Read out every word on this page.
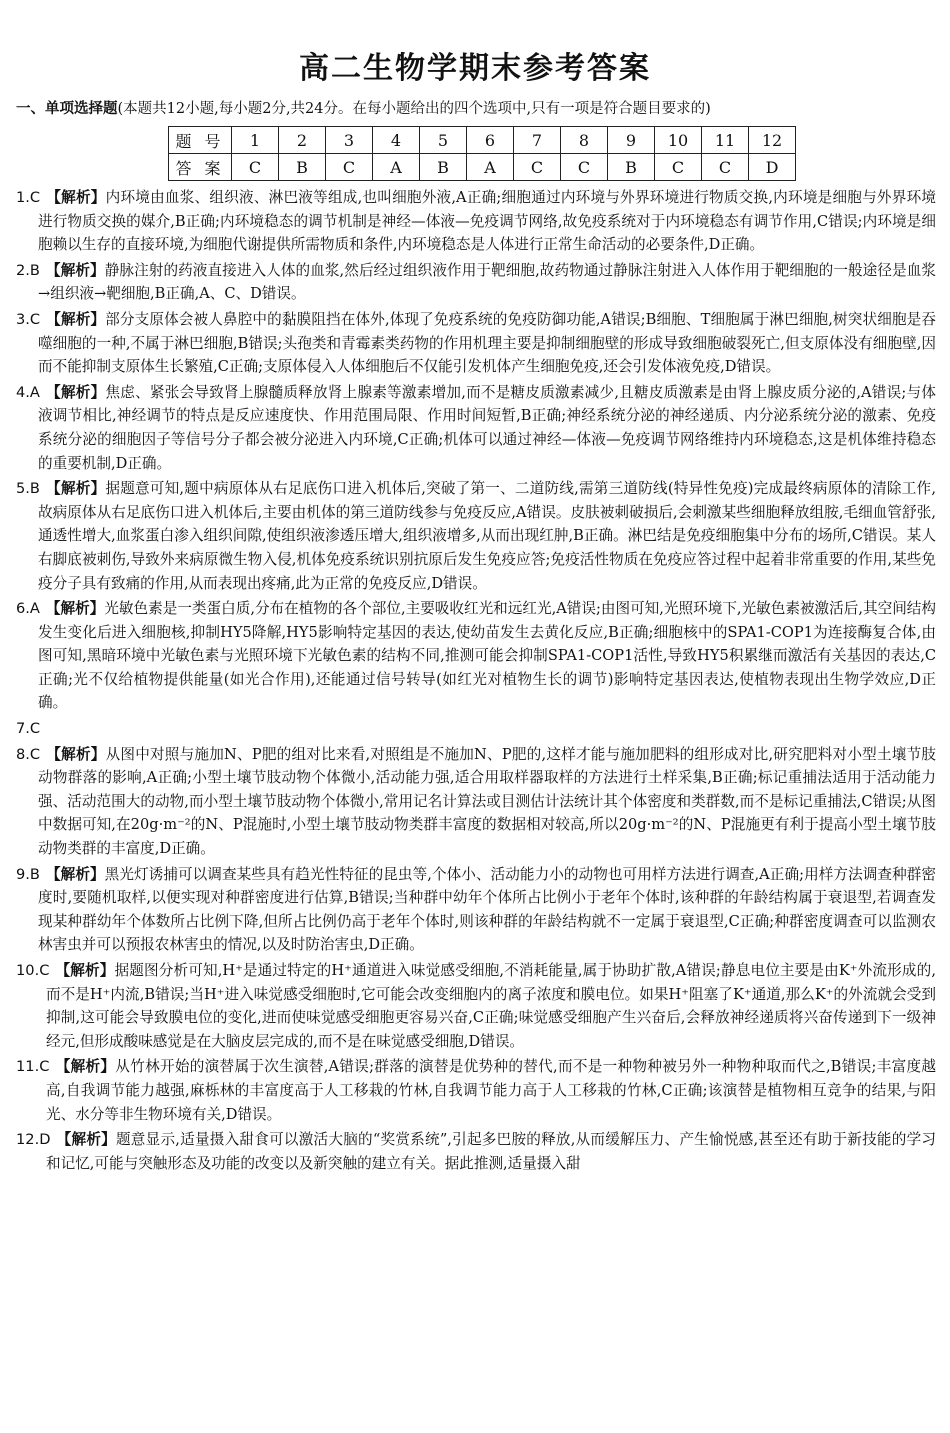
高二生物学期末参考答案
一、单项选择题(本题共12小题,每小题2分,共24分。在每小题给出的四个选项中,只有一项是符合题目要求的)
题 号	1	2	3	4	5	6	7	8	9	10	11	12
答 案	C	B	C	A	B	A	C	C	B	C	C	D

1.C 【解析】内环境由血浆、组织液、淋巴液等组成,也叫细胞外液,A正确;细胞通过内环境与外界环境进行物质交换,内环境是细胞与外界环境进行物质交换的媒介,B正确;内环境稳态的调节机制是神经—体液—免疫调节网络,故免疫系统对于内环境稳态有调节作用,C错误;内环境是细胞赖以生存的直接环境,为细胞代谢提供所需物质和条件,内环境稳态是人体进行正常生命活动的必要条件,D正确。

2.B 【解析】静脉注射的药液直接进入人体的血浆,然后经过组织液作用于靶细胞,故药物通过静脉注射进入人体作用于靶细胞的一般途径是血浆→组织液→靶细胞,B正确,A、C、D错误。

3.C 【解析】部分支原体会被人鼻腔中的黏膜阻挡在体外,体现了免疫系统的免疫防御功能,A错误;B细胞、T细胞属于淋巴细胞,树突状细胞是吞噬细胞的一种,不属于淋巴细胞,B错误;头孢类和青霉素类药物的作用机理主要是抑制细胞壁的形成导致细胞破裂死亡,但支原体没有细胞壁,因而不能抑制支原体生长繁殖,C正确;支原体侵入人体细胞后不仅能引发机体产生细胞免疫,还会引发体液免疫,D错误。

4.A 【解析】焦虑、紧张会导致肾上腺髓质释放肾上腺素等激素增加,而不是糖皮质激素减少,且糖皮质激素是由肾上腺皮质分泌的,A错误;与体液调节相比,神经调节的特点是反应速度快、作用范围局限、作用时间短暂,B正确;神经系统分泌的神经递质、内分泌系统分泌的激素、免疫系统分泌的细胞因子等信号分子都会被分泌进入内环境,C正确;机体可以通过神经—体液—免疫调节网络维持内环境稳态,这是机体维持稳态的重要机制,D正确。

5.B 【解析】据题意可知,题中病原体从右足底伤口进入机体后,突破了第一、二道防线,需第三道防线(特异性免疫)完成最终病原体的清除工作,故病原体从右足底伤口进入机体后,主要由机体的第三道防线参与免疫反应,A错误。皮肤被刺破损后,会刺激某些细胞释放组胺,毛细血管舒张,通透性增大,血浆蛋白渗入组织间隙,使组织液渗透压增大,组织液增多,从而出现红肿,B正确。淋巴结是免疫细胞集中分布的场所,C错误。某人右脚底被刺伤,导致外来病原微生物入侵,机体免疫系统识别抗原后发生免疫应答;免疫活性物质在免疫应答过程中起着非常重要的作用,某些免疫分子具有致痛的作用,从而表现出疼痛,此为正常的免疫反应,D错误。

6.A 【解析】光敏色素是一类蛋白质,分布在植物的各个部位,主要吸收红光和远红光,A错误;由图可知,光照环境下,光敏色素被激活后,其空间结构发生变化后进入细胞核,抑制HY5降解,HY5影响特定基因的表达,使幼苗发生去黄化反应,B正确;细胞核中的SPA1-COP1为连接酶复合体,由图可知,黑暗环境中光敏色素与光照环境下光敏色素的结构不同,推测可能会抑制SPA1-COP1活性,导致HY5积累继而激活有关基因的表达,C正确;光不仅给植物提供能量(如光合作用),还能通过信号转导(如红光对植物生长的调节)影响特定基因表达,使植物表现出生物学效应,D正确。

7.C

8.C 【解析】从图中对照与施加N、P肥的组对比来看,对照组是不施加N、P肥的,这样才能与施加肥料的组形成对比,研究肥料对小型土壤节肢动物群落的影响,A正确;小型土壤节肢动物个体微小,活动能力强,适合用取样器取样的方法进行土样采集,B正确;标记重捕法适用于活动能力强、活动范围大的动物,而小型土壤节肢动物个体微小,常用记名计算法或目测估计法统计其个体密度和类群数,而不是标记重捕法,C错误;从图中数据可知,在20g·m⁻²的N、P混施时,小型土壤节肢动物类群丰富度的数据相对较高,所以20g·m⁻²的N、P混施更有利于提高小型土壤节肢动物类群的丰富度,D正确。

9.B 【解析】黑光灯诱捕可以调查某些具有趋光性特征的昆虫等,个体小、活动能力小的动物也可用样方法进行调查,A正确;用样方法调查种群密度时,要随机取样,以便实现对种群密度进行估算,B错误;当种群中幼年个体所占比例小于老年个体时,该种群的年龄结构属于衰退型,若调查发现某种群幼年个体数所占比例下降,但所占比例仍高于老年个体时,则该种群的年龄结构就不一定属于衰退型,C正确;种群密度调查可以监测农林害虫并可以预报农林害虫的情况,以及时防治害虫,D正确。

10.C 【解析】据题图分析可知,H⁺是通过特定的H⁺通道进入味觉感受细胞,不消耗能量,属于协助扩散,A错误;静息电位主要是由K⁺外流形成的,而不是H⁺内流,B错误;当H⁺进入味觉感受细胞时,它可能会改变细胞内的离子浓度和膜电位。如果H⁺阻塞了K⁺通道,那么K⁺的外流就会受到抑制,这可能会导致膜电位的变化,进而使味觉感受细胞更容易兴奋,C正确;味觉感受细胞产生兴奋后,会释放神经递质将兴奋传递到下一级神经元,但形成酸味感觉是在大脑皮层完成的,而不是在味觉感受细胞,D错误。

11.C 【解析】从竹林开始的演替属于次生演替,A错误;群落的演替是优势种的替代,而不是一种物种被另外一种物种取而代之,B错误;丰富度越高,自我调节能力越强,麻栎林的丰富度高于人工移栽的竹林,自我调节能力高于人工移栽的竹林,C正确;该演替是植物相互竞争的结果,与阳光、水分等非生物环境有关,D错误。

12.D 【解析】题意显示,适量摄入甜食可以激活大脑的“奖赏系统”,引起多巴胺的释放,从而缓解压力、产生愉悦感,甚至还有助于新技能的学习和记忆,可能与突触形态及功能的改变以及新突触的建立有关。据此推测,适量摄入甜
